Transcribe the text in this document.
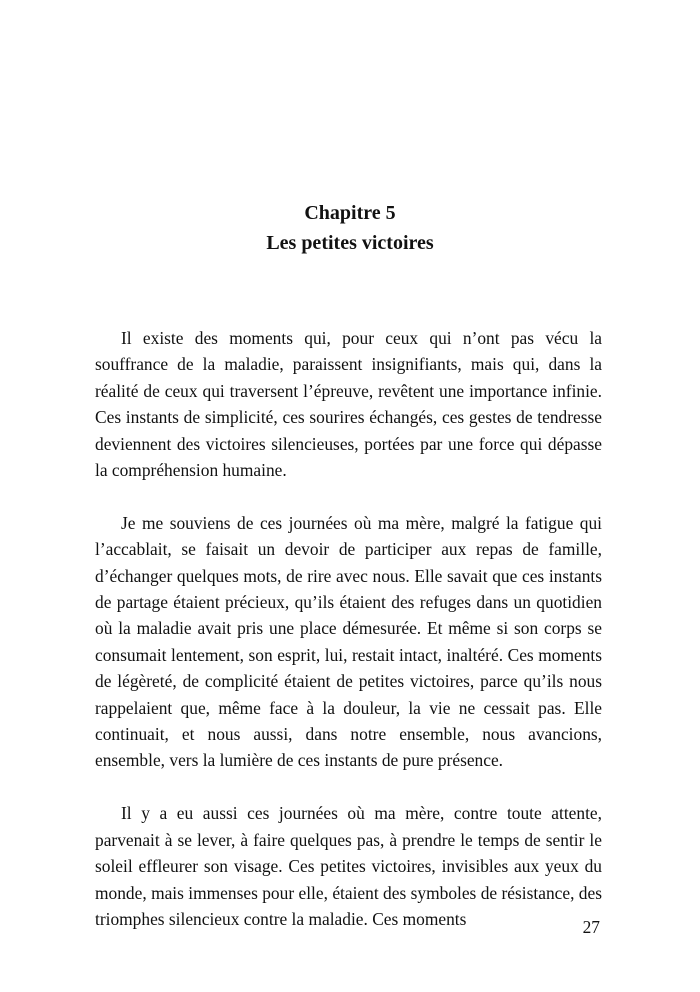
Chapitre 5
Les petites victoires

Il existe des moments qui, pour ceux qui n’ont pas vécu la souffrance de la maladie, paraissent insignifiants, mais qui, dans la réalité de ceux qui traversent l’épreuve, revêtent une importance infinie. Ces instants de simplicité, ces sourires échangés, ces gestes de tendresse deviennent des victoires silencieuses, portées par une force qui dépasse la compréhension humaine.

Je me souviens de ces journées où ma mère, malgré la fatigue qui l’accablait, se faisait un devoir de participer aux repas de famille, d’échanger quelques mots, de rire avec nous. Elle savait que ces instants de partage étaient précieux, qu’ils étaient des refuges dans un quotidien où la maladie avait pris une place démesurée. Et même si son corps se consumait lentement, son esprit, lui, restait intact, inaltéré. Ces moments de légèreté, de complicité étaient de petites victoires, parce qu’ils nous rappelaient que, même face à la douleur, la vie ne cessait pas. Elle continuait, et nous aussi, dans notre ensemble, nous avancions, ensemble, vers la lumière de ces instants de pure présence.

Il y a eu aussi ces journées où ma mère, contre toute attente, parvenait à se lever, à faire quelques pas, à prendre le temps de sentir le soleil effleurer son visage. Ces petites victoires, invisibles aux yeux du monde, mais immenses pour elle, étaient des symboles de résistance, des triomphes silencieux contre la maladie. Ces moments	27
